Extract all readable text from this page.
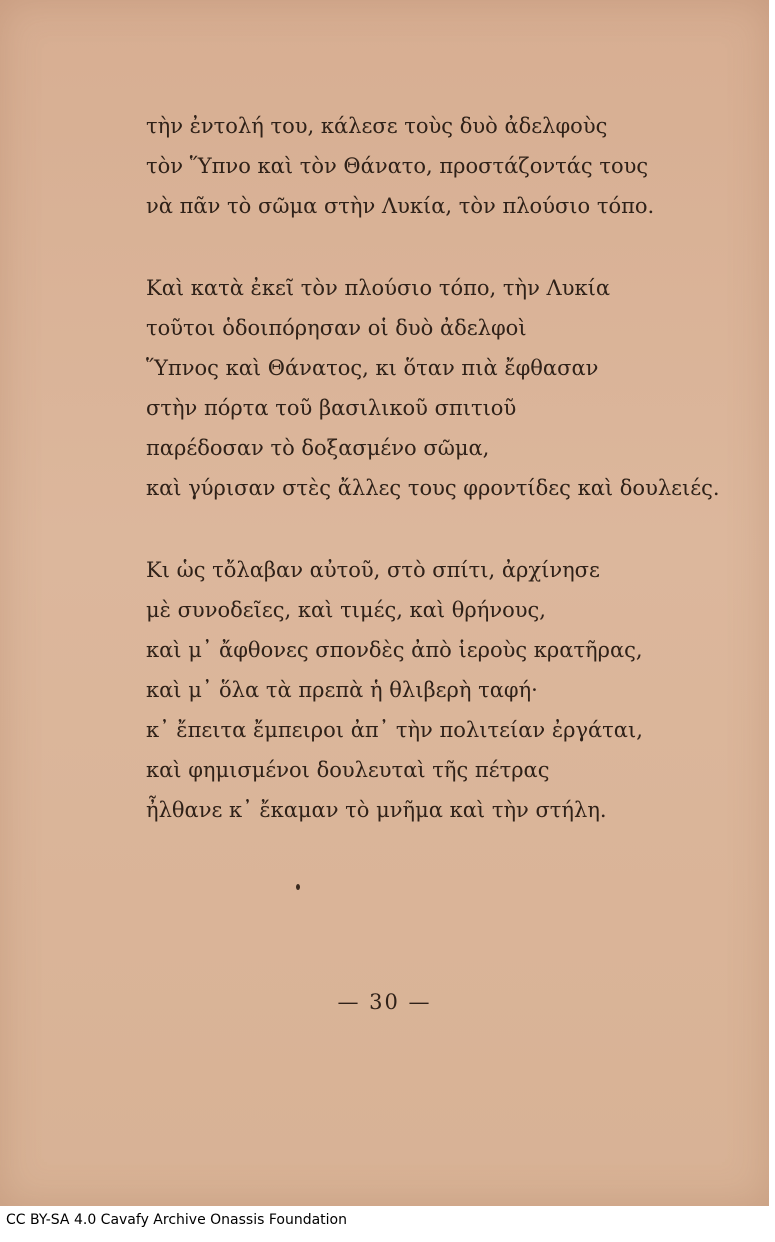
τὴν ἐντολή του, κάλεσε τοὺς δυὸ ἀδελφοὺς
τὸν Ὕπνο καὶ τὸν Θάνατο, προστάζοντάς τους
νὰ πᾶν τὸ σῶμα στὴν Λυκία, τὸν πλούσιο τόπο.
Καὶ κατὰ ἐκεῖ τὸν πλούσιο τόπο, τὴν Λυκία
τοῦτοι ὁδοιπόρησαν οἱ δυὸ ἀδελφοὶ
Ὕπνος καὶ Θάνατος, κι ὅταν πιὰ ἔφθασαν
στὴν πόρτα τοῦ βασιλικοῦ σπιτιοῦ
παρέδοσαν τὸ δοξασμένο σῶμα,
καὶ γύρισαν στὲς ἄλλες τους φροντίδες καὶ δουλειές.
Κι ὡς τὄλαβαν αὐτοῦ, στὸ σπίτι, ἀρχίνησε
μὲ συνοδεῖες, καὶ τιμές, καὶ θρήνους,
καὶ μ᾿ ἄφθονες σπονδὲς ἀπὸ ἱεροὺς κρατῆρας,
καὶ μ᾿ ὅλα τὰ πρεπὰ ἡ θλιβερὴ ταφή·
κ᾿ ἔπειτα ἔμπειροι ἀπ᾿ τὴν πολιτείαν ἐργάται,
καὶ φημισμένοι δουλευταὶ τῆς πέτρας
ἦλθανε κ᾿ ἔκαμαν τὸ μνῆμα καὶ τὴν στήλη.
— 30 —
CC BY-SA 4.0 Cavafy Archive Onassis Foundation
